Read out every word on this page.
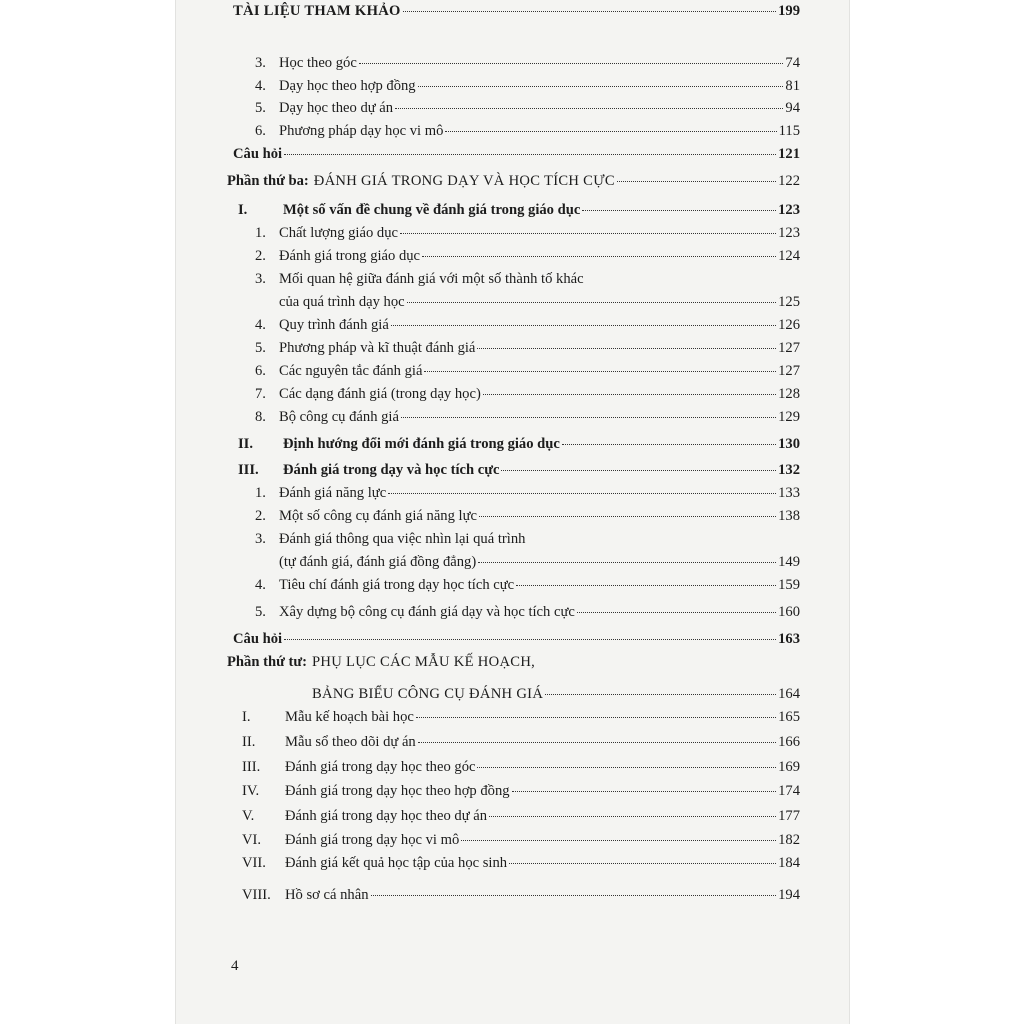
3. Học theo góc	74
4. Dạy học theo hợp đồng	81
5. Dạy học theo dự án	94
6. Phương pháp dạy học vi mô	115
Câu hỏi	121
Phần thứ ba: ĐÁNH GIÁ TRONG DẠY VÀ HỌC TÍCH CỰC	122
I. Một số vấn đề chung về đánh giá trong giáo dục	123
1. Chất lượng giáo dục	123
2. Đánh giá trong giáo dục	124
3. Mối quan hệ giữa đánh giá với một số thành tố khác
của quá trình dạy học	125
4. Quy trình đánh giá	126
5. Phương pháp và kĩ thuật đánh giá	127
6. Các nguyên tắc đánh giá	127
7. Các dạng đánh giá (trong dạy học)	128
8. Bộ công cụ đánh giá	129
II. Định hướng đổi mới đánh giá trong giáo dục	130
III. Đánh giá trong dạy và học tích cực	132
1. Đánh giá năng lực	133
2. Một số công cụ đánh giá năng lực	138
3. Đánh giá thông qua việc nhìn lại quá trình
(tự đánh giá, đánh giá đồng đẳng)	149
4. Tiêu chí đánh giá trong dạy học tích cực	159
5. Xây dựng bộ công cụ đánh giá dạy và học tích cực	160
Câu hỏi	163
Phần thứ tư: PHỤ LỤC CÁC MẪU KẾ HOẠCH,
BẢNG BIỂU CÔNG CỤ ĐÁNH GIÁ	164
I. Mẫu kế hoạch bài học	165
II. Mẫu sổ theo dõi dự án	166
III. Đánh giá trong dạy học theo góc	169
IV. Đánh giá trong dạy học theo hợp đồng	174
V. Đánh giá trong dạy học theo dự án	177
VI. Đánh giá trong dạy học vi mô	182
VII. Đánh giá kết quả học tập của học sinh	184
VIII. Hồ sơ cá nhân	194
TÀI LIỆU THAM KHẢO	199
4
